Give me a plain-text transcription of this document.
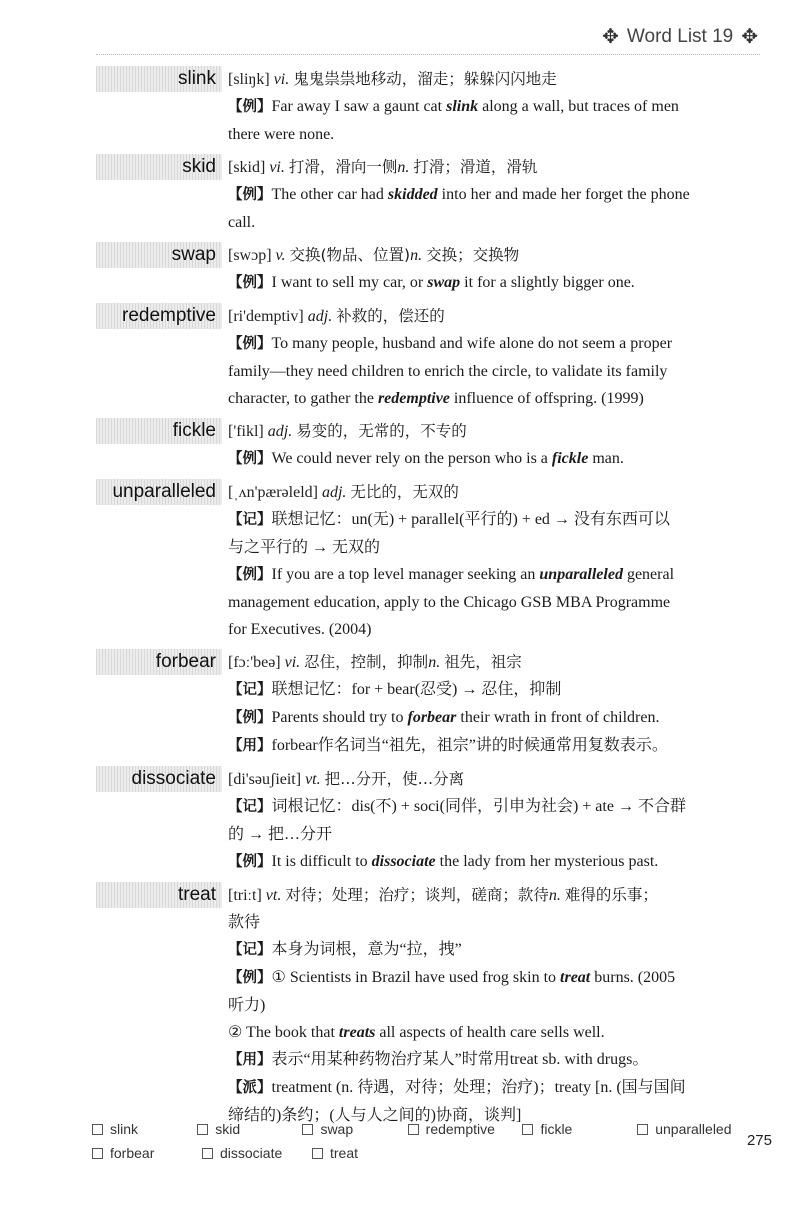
✥ Word List 19 ✥
slink [sliŋk] vi. 鬼鬼祟祟地移动，溜走；躲躲闪闪地走
【例】Far away I saw a gaunt cat slink along a wall, but traces of men
there were none.
skid [skid] vi. 打滑，滑向一侧n. 打滑；滑道，滑轨
【例】The other car had skidded into her and made her forget the phone
call.
swap [swɔp] v. 交换(物品、位置)n. 交换；交换物
【例】I want to sell my car, or swap it for a slightly bigger one.
redemptive [ri'demptiv] adj. 补救的，偿还的
【例】To many people, husband and wife alone do not seem a proper
family—they need children to enrich the circle, to validate its family
character, to gather the redemptive influence of offspring. (1999)
fickle ['fikl] adj. 易变的，无常的，不专的
【例】We could never rely on the person who is a fickle man.
unparalleled [ˌʌn'pærəleld] adj. 无比的，无双的
【记】联想记忆：un(无) + parallel(平行的) + ed → 没有东西可以
与之平行的 → 无双的
【例】If you are a top level manager seeking an unparalleled general
management education, apply to the Chicago GSB MBA Programme
for Executives. (2004)
forbear [fɔː'beə] vi. 忍住，控制，抑制n. 祖先，祖宗
【记】联想记忆：for + bear(忍受) → 忍住，抑制
【例】Parents should try to forbear their wrath in front of children.
【用】forbear作名词当“祖先，祖宗”讲的时候通常用复数表示。
dissociate [di'səuʃieit] vt. 把…分开，使…分离
【记】词根记忆：dis(不) + soci(同伴，引申为社会) + ate → 不合群
的 → 把…分开
【例】It is difficult to dissociate the lady from her mysterious past.
treat [triːt] vt. 对待；处理；治疗；谈判，磋商；款待n. 难得的乐事；
款待
【记】本身为词根，意为“拉，拽”
【例】① Scientists in Brazil have used frog skin to treat burns. (2005
听力)
② The book that treats all aspects of health care sells well.
【用】表示“用某种药物治疗某人”时常用treat sb. with drugs。
【派】treatment (n. 待遇，对待；处理；治疗)；treaty [n. (国与国间
缔结的)条约；(人与人之间的)协商，谈判]
slink	skid	swap	redemptive	fickle	unparalleled
forbear	dissociate	treat
275
